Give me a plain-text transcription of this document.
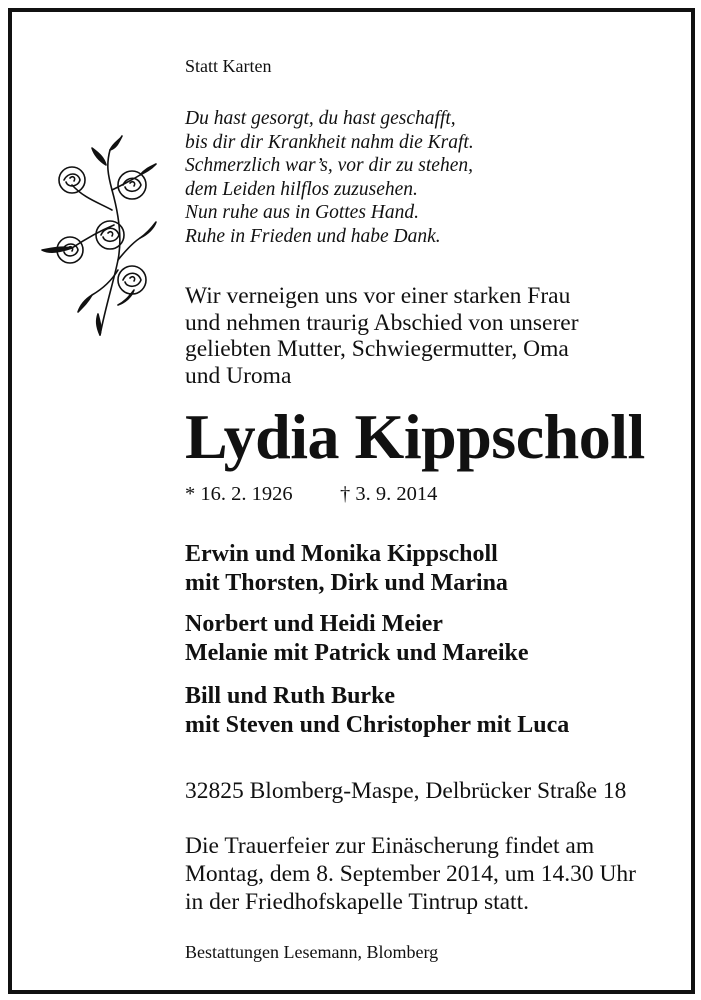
Statt Karten
Du hast gesorgt, du hast geschafft,
bis dir dir Krankheit nahm die Kraft.
Schmerzlich war’s, vor dir zu stehen,
dem Leiden hilflos zuzusehen.
Nun ruhe aus in Gottes Hand.
Ruhe in Frieden und habe Dank.
Wir verneigen uns vor einer starken Frau
und nehmen traurig Abschied von unserer
geliebten Mutter, Schwiegermutter, Oma
und Uroma
Lydia Kippscholl
* 16. 2. 1926 † 3. 9. 2014
Erwin und Monika Kippscholl
mit Thorsten, Dirk und Marina
Norbert und Heidi Meier
Melanie mit Patrick und Mareike
Bill und Ruth Burke
mit Steven und Christopher mit Luca
32825 Blomberg-Maspe, Delbrücker Straße 18
Die Trauerfeier zur Einäscherung findet am
Montag, dem 8. September 2014, um 14.30 Uhr
in der Friedhofskapelle Tintrup statt.
Bestattungen Lesemann, Blomberg
